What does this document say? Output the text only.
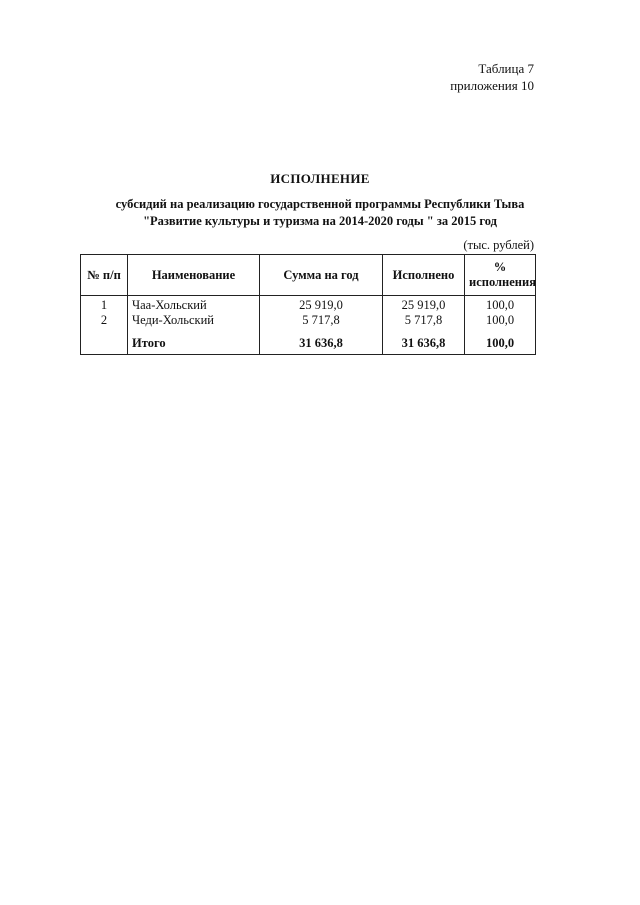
Таблица 7
приложения 10
ИСПОЛНЕНИЕ
субсидий на реализацию государственной программы Республики Тыва
"Развитие культуры и туризма на 2014-2020 годы " за 2015 год
(тыс. рублей)
№ п/п	Наименование	Сумма на год	Исполнено	%
исполнения

1	Чаа-Хольский	25 919,0	25 919,0	100,0
2	Чеди-Хольский	5 717,8	5 717,8	100,0
	Итого	31 636,8	31 636,8	100,0
